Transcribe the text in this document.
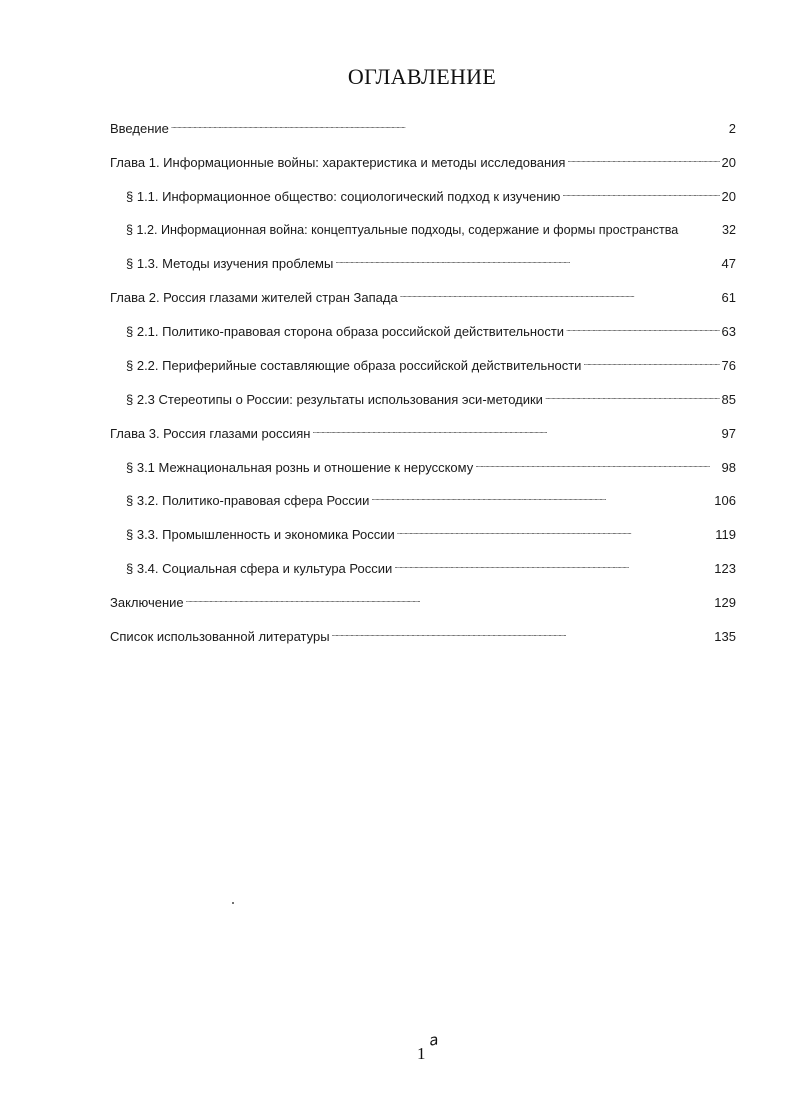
ОГЛАВЛЕНИЕ
Введение . . .	2
Глава 1. Информационные войны: характеристика и методы исследования . . .	20
§ 1.1. Информационное общество: социологический подход к изучению . . .	20
§ 1.2. Информационная война: концептуальные подходы, содержание и формы пространства	32
§ 1.3. Методы изучения проблемы . . .	47
Глава 2. Россия глазами жителей стран Запада . . .	61
§ 2.1. Политико-правовая сторона образа российской действительности . . .	63
§ 2.2. Периферийные составляющие образа российской действительности . . .	76
§ 2.3 Стереотипы о России: результаты использования эси-методики . . .	85
Глава 3. Россия глазами россиян . . .	97
§ 3.1 Межнациональная рознь и отношение к нерусскому . . .	98
§ 3.2. Политико-правовая сфера России . . .	106
§ 3.3. Промышленность и экономика России . . .	119
§ 3.4. Социальная сфера и культура России . . .	123
Заключение . . .	129
Список использованной литературы . . .	135
1
a
